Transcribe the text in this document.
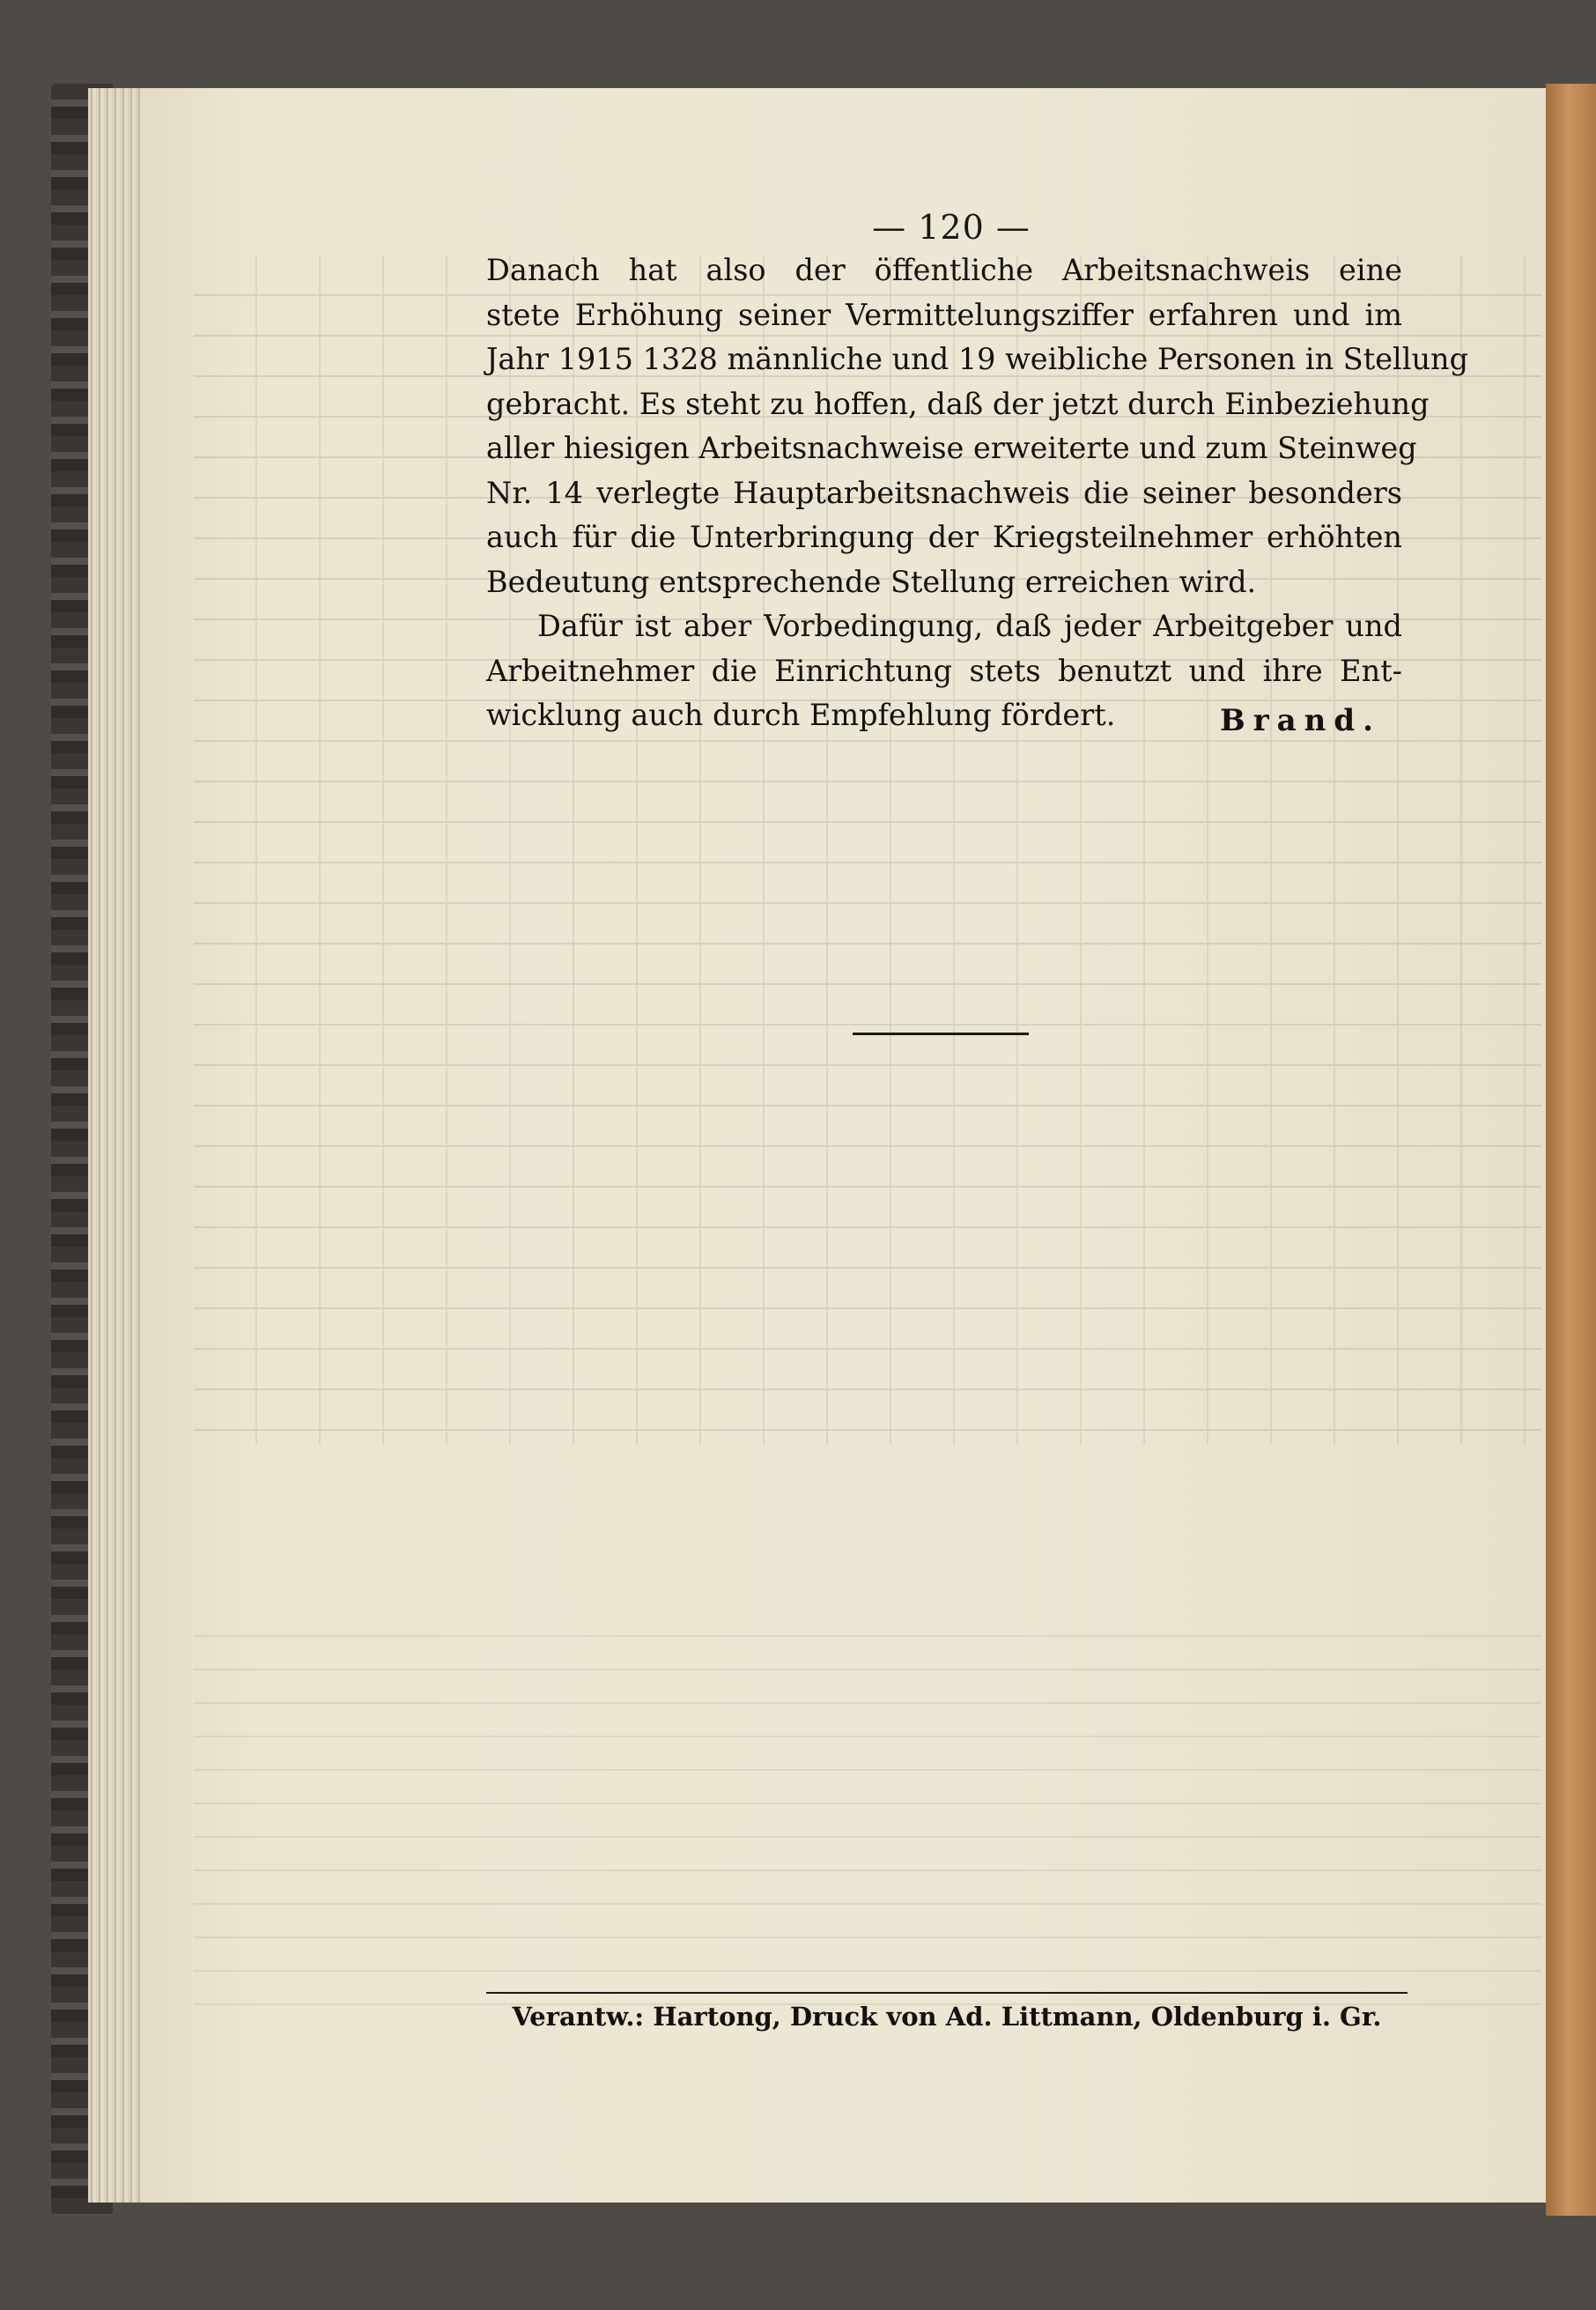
— 120 —

Danach hat also der öffentliche Arbeitsnachweis eine
stete Erhöhung seiner Vermittelungsziffer erfahren und im
Jahr 1915 1328 männliche und 19 weibliche Personen in Stellung
gebracht. Es steht zu hoffen, daß der jetzt durch Einbeziehung
aller hiesigen Arbeitsnachweise erweiterte und zum Steinweg
Nr. 14 verlegte Hauptarbeitsnachweis die seiner besonders
auch für die Unterbringung der Kriegsteilnehmer erhöhten
Bedeutung entsprechende Stellung erreichen wird.

Dafür ist aber Vorbedingung, daß jeder Arbeitgeber und
Arbeitnehmer die Einrichtung stets benutzt und ihre Ent-
wicklung auch durch Empfehlung fördert.	Brand.
Verantw.: Hartong, Druck von Ad. Littmann, Oldenburg i. Gr.
